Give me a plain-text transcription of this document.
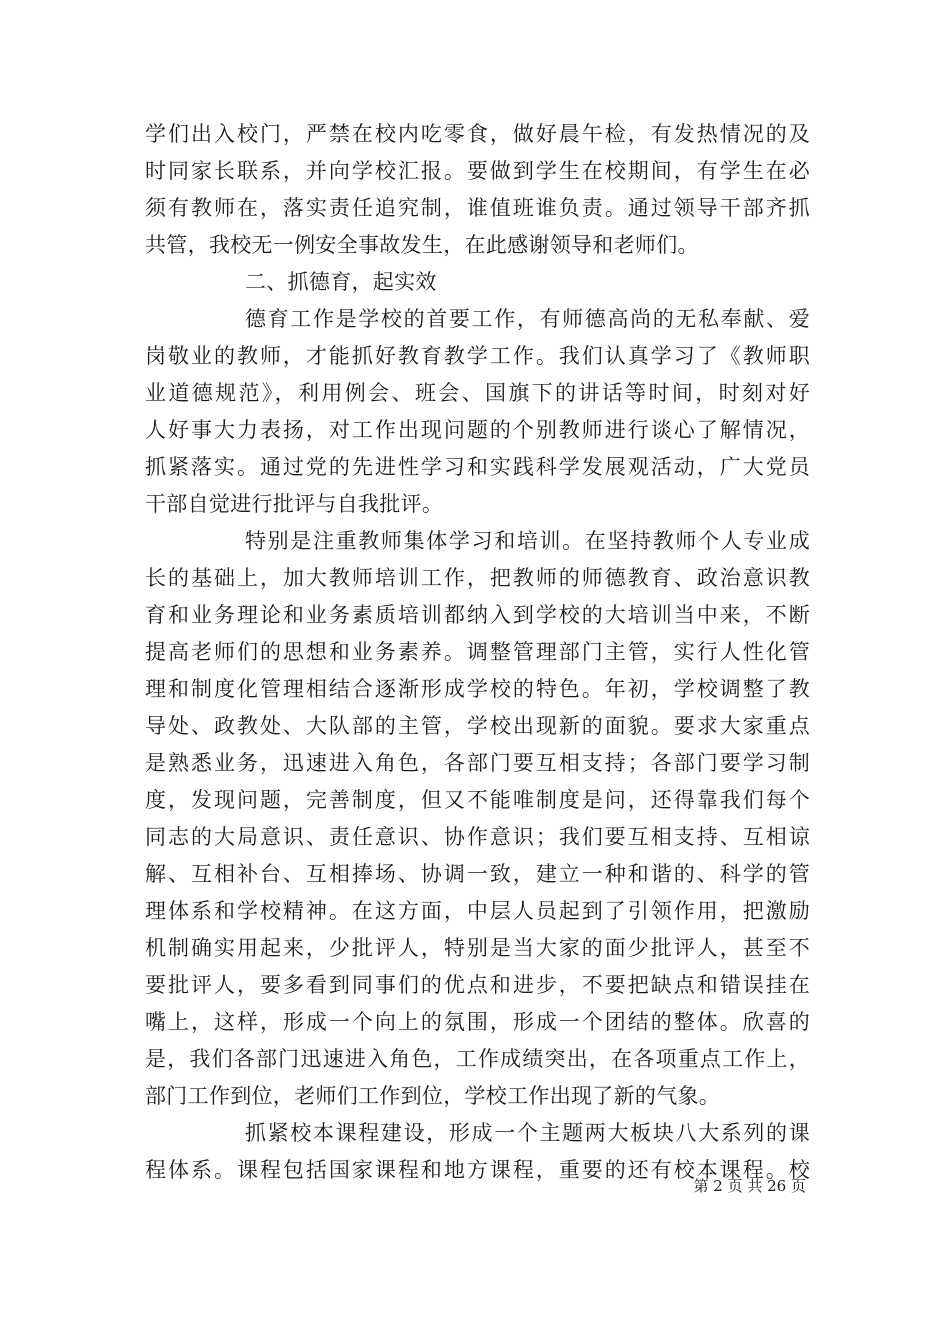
学们出入校门，严禁在校内吃零食，做好晨午检，有发热情况的及
时同家长联系，并向学校汇报。要做到学生在校期间，有学生在必
须有教师在，落实责任追究制，谁值班谁负责。通过领导干部齐抓
共管，我校无一例安全事故发生，在此感谢领导和老师们。
二、抓德育，起实效
德育工作是学校的首要工作，有师德高尚的无私奉献、爱
岗敬业的教师，才能抓好教育教学工作。我们认真学习了《教师职
业道德规范》，利用例会、班会、国旗下的讲话等时间，时刻对好
人好事大力表扬，对工作出现问题的个别教师进行谈心了解情况，
抓紧落实。通过党的先进性学习和实践科学发展观活动，广大党员
干部自觉进行批评与自我批评。
特别是注重教师集体学习和培训。在坚持教师个人专业成
长的基础上，加大教师培训工作，把教师的师德教育、政治意识教
育和业务理论和业务素质培训都纳入到学校的大培训当中来，不断
提高老师们的思想和业务素养。调整管理部门主管，实行人性化管
理和制度化管理相结合逐渐形成学校的特色。年初，学校调整了教
导处、政教处、大队部的主管，学校出现新的面貌。要求大家重点
是熟悉业务，迅速进入角色，各部门要互相支持；各部门要学习制
度，发现问题，完善制度，但又不能唯制度是问，还得靠我们每个
同志的大局意识、责任意识、协作意识；我们要互相支持、互相谅
解、互相补台、互相捧场、协调一致，建立一种和谐的、科学的管
理体系和学校精神。在这方面，中层人员起到了引领作用，把激励
机制确实用起来，少批评人，特别是当大家的面少批评人，甚至不
要批评人，要多看到同事们的优点和进步，不要把缺点和错误挂在
嘴上，这样，形成一个向上的氛围，形成一个团结的整体。欣喜的
是，我们各部门迅速进入角色，工作成绩突出，在各项重点工作上，
部门工作到位，老师们工作到位，学校工作出现了新的气象。
抓紧校本课程建设，形成一个主题两大板块八大系列的课
程体系。课程包括国家课程和地方课程，重要的还有校本课程。校
第 2 页 共 26 页
